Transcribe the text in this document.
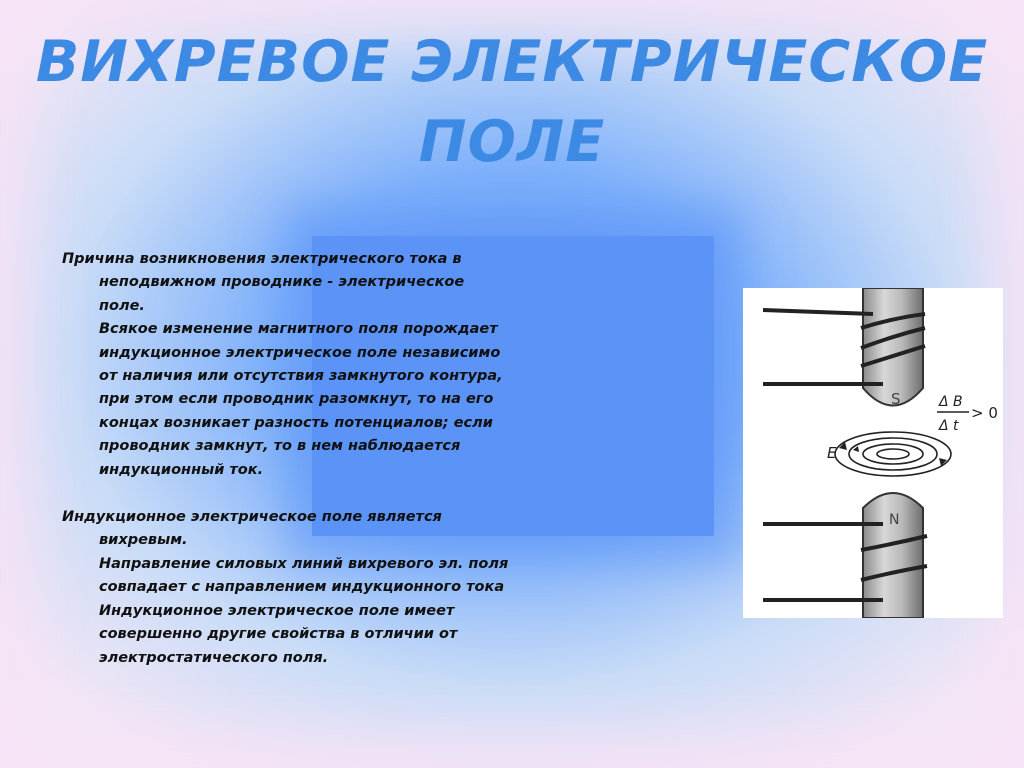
ВИХРЕВОЕ ЭЛЕКТРИЧЕСКОЕ
ПОЛЕ

Причина возникновения электрического тока в неподвижном проводнике - электрическое поле.

Всякое изменение магнитного поля порождает индукционное электрическое поле независимо от наличия или отсутствия замкнутого контура, при этом если проводник разомкнут, то на его концах возникает разность потенциалов; если проводник замкнут, то в нем наблюдается индукционный ток.

Индукционное электрическое поле является вихревым.

Направление силовых линий вихревого эл. поля совпадает с направлением индукционного тока

Индукционное электрическое поле имеет совершенно другие свойства в отличии от электростатического поля.

S
E
Δ B
Δ t
> 0
N
